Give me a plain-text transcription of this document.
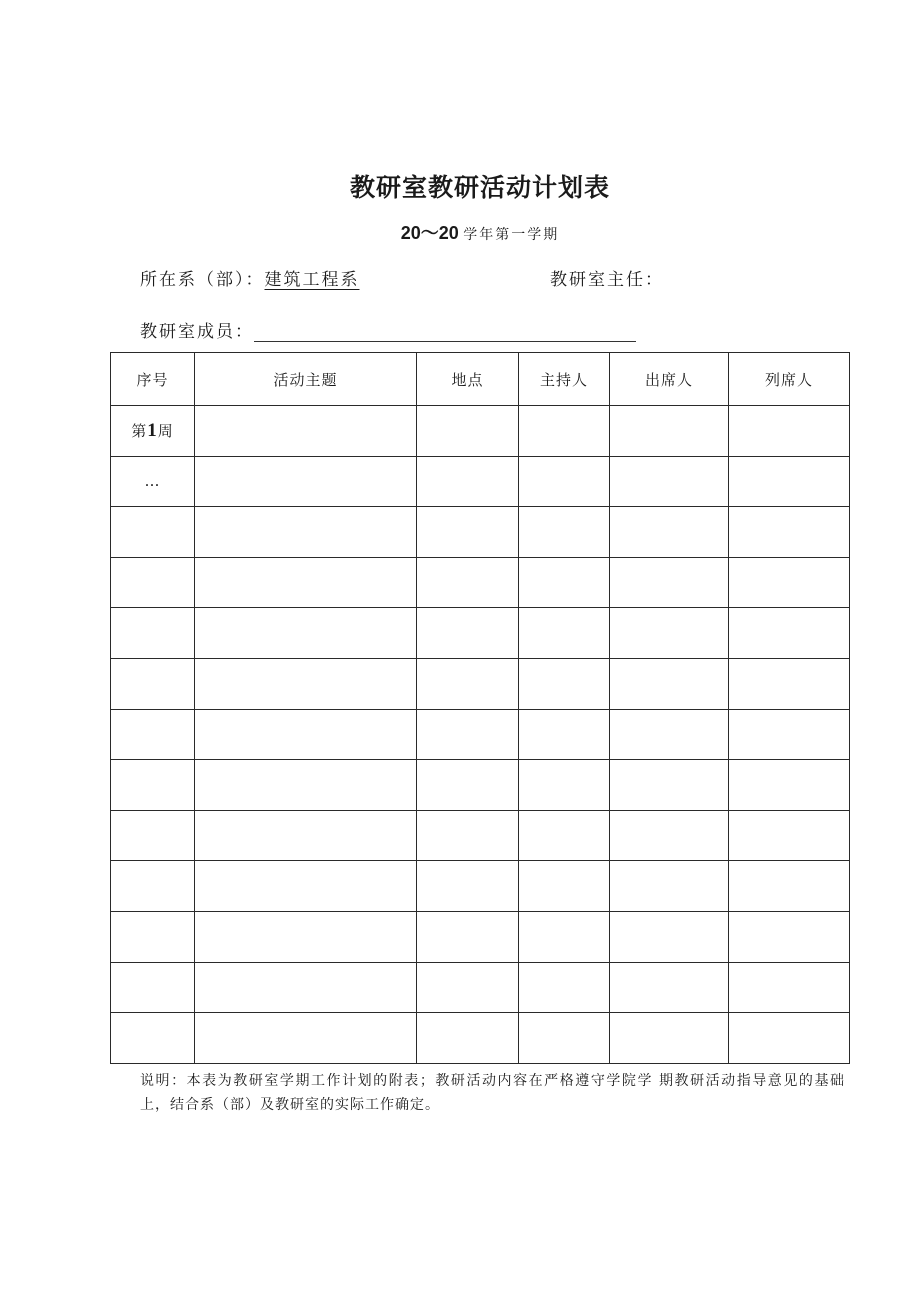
教研室教研活动计划表
20～20 学年第一学期
所在系（部）：建筑工程系	教研室主任：
教研室成员：
序号	活动主题	地点	主持人	出席人	列席人
第1周					
…					

说明：本表为教研室学期工作计划的附表；教研活动内容在严格遵守学院学 期教研活动指导意见的基础上，结合系（部）及教研室的实际工作确定。
